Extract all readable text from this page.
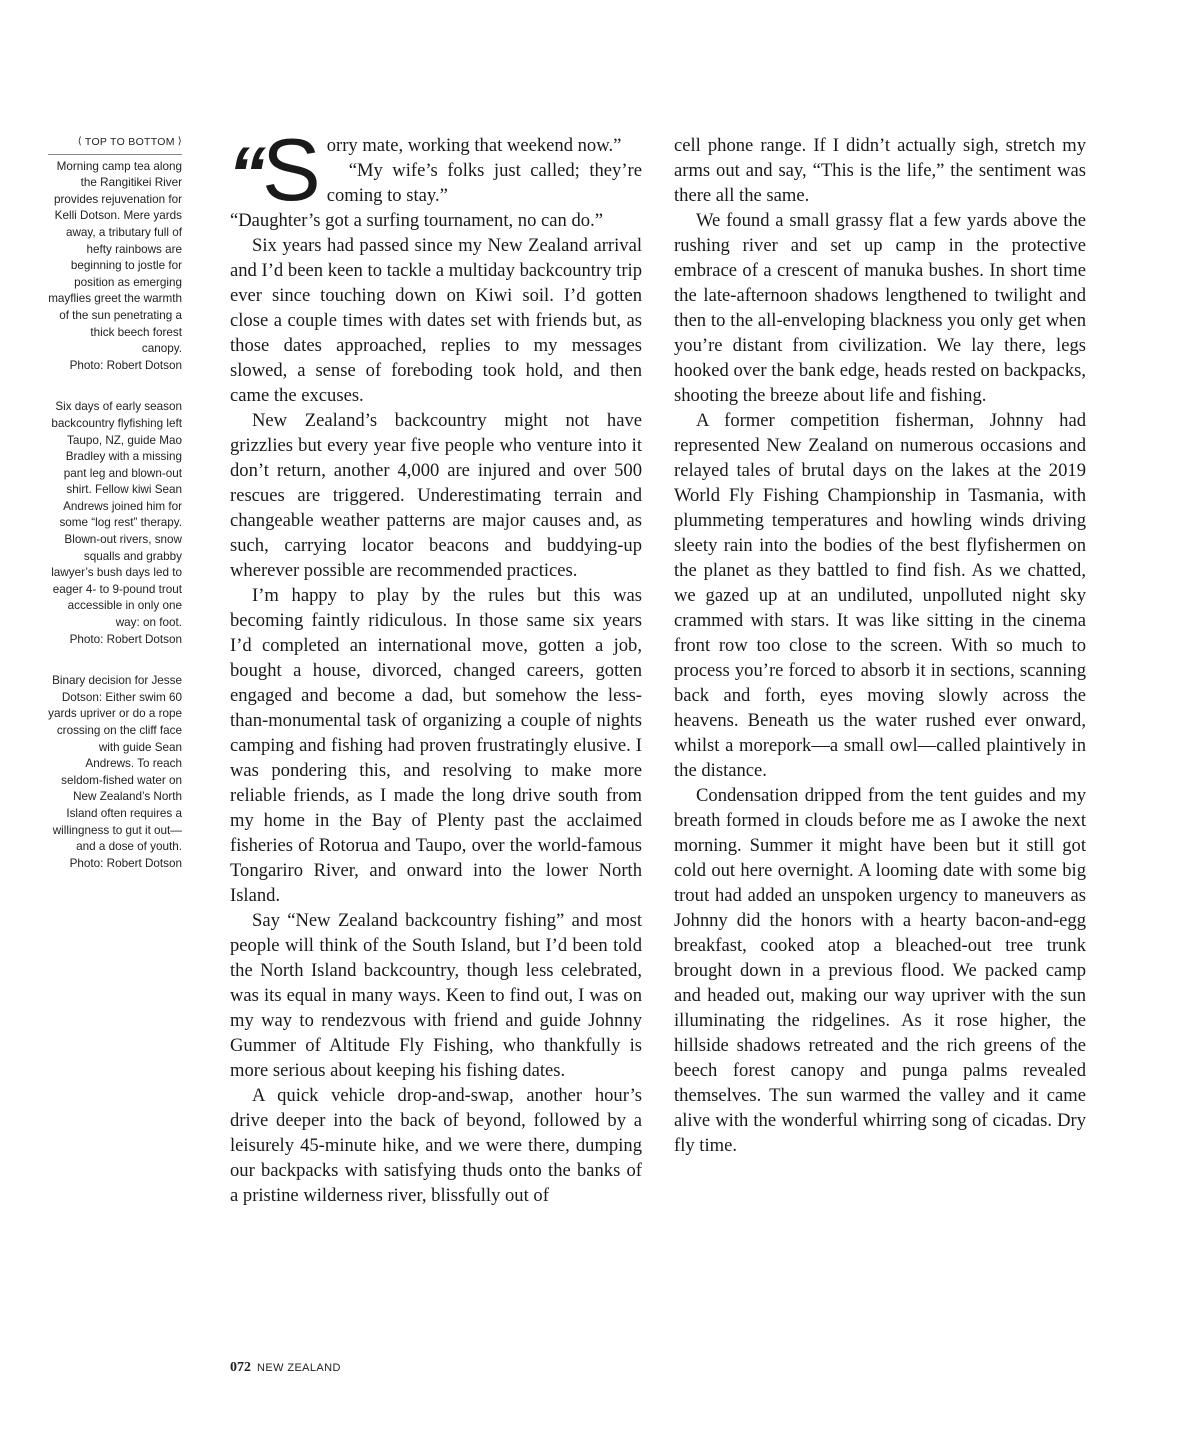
⟨ TOP TO BOTTOM ⟩
Morning camp tea along the Rangitikei River provides rejuvenation for Kelli Dotson. Mere yards away, a tributary full of hefty rainbows are beginning to jostle for position as emerging mayflies greet the warmth of the sun penetrating a thick beech forest canopy.
Photo: Robert Dotson
Six days of early season backcountry flyfishing left Taupo, NZ, guide Mao Bradley with a missing pant leg and blown-out shirt. Fellow kiwi Sean Andrews joined him for some “log rest” therapy. Blown-out rivers, snow squalls and grabby lawyer’s bush days led to eager 4- to 9-pound trout accessible in only one way: on foot.
Photo: Robert Dotson
Binary decision for Jesse Dotson: Either swim 60 yards upriver or do a rope crossing on the cliff face with guide Sean Andrews. To reach seldom-fished water on New Zealand’s North Island often requires a willingness to gut it out—and a dose of youth.
Photo: Robert Dotson

“S orry mate, working that weekend now.”

“My wife’s folks just called; they’re coming to stay.”

“Daughter’s got a surfing tournament, no can do.”

Six years had passed since my New Zealand arrival and I’d been keen to tackle a multiday backcountry trip ever since touching down on Kiwi soil. I’d gotten close a couple times with dates set with friends but, as those dates approached, replies to my messages slowed, a sense of foreboding took hold, and then came the excuses.

New Zealand’s backcountry might not have grizzlies but every year five people who venture into it don’t return, another 4,000 are injured and over 500 rescues are triggered. Underestimating terrain and changeable weather patterns are major causes and, as such, carrying locator beacons and buddying-up wherever possible are recommended practices.

I’m happy to play by the rules but this was becoming faintly ridiculous. In those same six years I’d completed an international move, gotten a job, bought a house, divorced, changed careers, gotten engaged and become a dad, but somehow the less-than-monumental task of organizing a couple of nights camping and fishing had proven frustratingly elusive. I was pondering this, and resolving to make more reliable friends, as I made the long drive south from my home in the Bay of Plenty past the acclaimed fisheries of Rotorua and Taupo, over the world-famous Tongariro River, and onward into the lower North Island.

Say “New Zealand backcountry fishing” and most people will think of the South Island, but I’d been told the North Island backcountry, though less celebrated, was its equal in many ways. Keen to find out, I was on my way to rendezvous with friend and guide Johnny Gummer of Altitude Fly Fishing, who thankfully is more serious about keeping his fishing dates.

A quick vehicle drop-and-swap, another hour’s drive deeper into the back of beyond, followed by a leisurely 45-minute hike, and we were there, dumping our backpacks with satisfying thuds onto the banks of a pristine wilderness river, blissfully out of

cell phone range. If I didn’t actually sigh, stretch my arms out and say, “This is the life,” the sentiment was there all the same.

We found a small grassy flat a few yards above the rushing river and set up camp in the protective embrace of a crescent of manuka bushes. In short time the late-afternoon shadows lengthened to twilight and then to the all-enveloping blackness you only get when you’re distant from civilization. We lay there, legs hooked over the bank edge, heads rested on backpacks, shooting the breeze about life and fishing.

A former competition fisherman, Johnny had represented New Zealand on numerous occasions and relayed tales of brutal days on the lakes at the 2019 World Fly Fishing Championship in Tasmania, with plummeting temperatures and howling winds driving sleety rain into the bodies of the best flyfishermen on the planet as they battled to find fish. As we chatted, we gazed up at an undiluted, unpolluted night sky crammed with stars. It was like sitting in the cinema front row too close to the screen. With so much to process you’re forced to absorb it in sections, scanning back and forth, eyes moving slowly across the heavens. Beneath us the water rushed ever onward, whilst a morepork—a small owl—called plaintively in the distance.

Condensation dripped from the tent guides and my breath formed in clouds before me as I awoke the next morning. Summer it might have been but it still got cold out here overnight. A looming date with some big trout had added an unspoken urgency to maneuvers as Johnny did the honors with a hearty bacon-and-egg breakfast, cooked atop a bleached-out tree trunk brought down in a previous flood. We packed camp and headed out, making our way upriver with the sun illuminating the ridgelines. As it rose higher, the hillside shadows retreated and the rich greens of the beech forest canopy and punga palms revealed themselves. The sun warmed the valley and it came alive with the wonderful whirring song of cicadas. Dry fly time.

072 NEW ZEALAND
